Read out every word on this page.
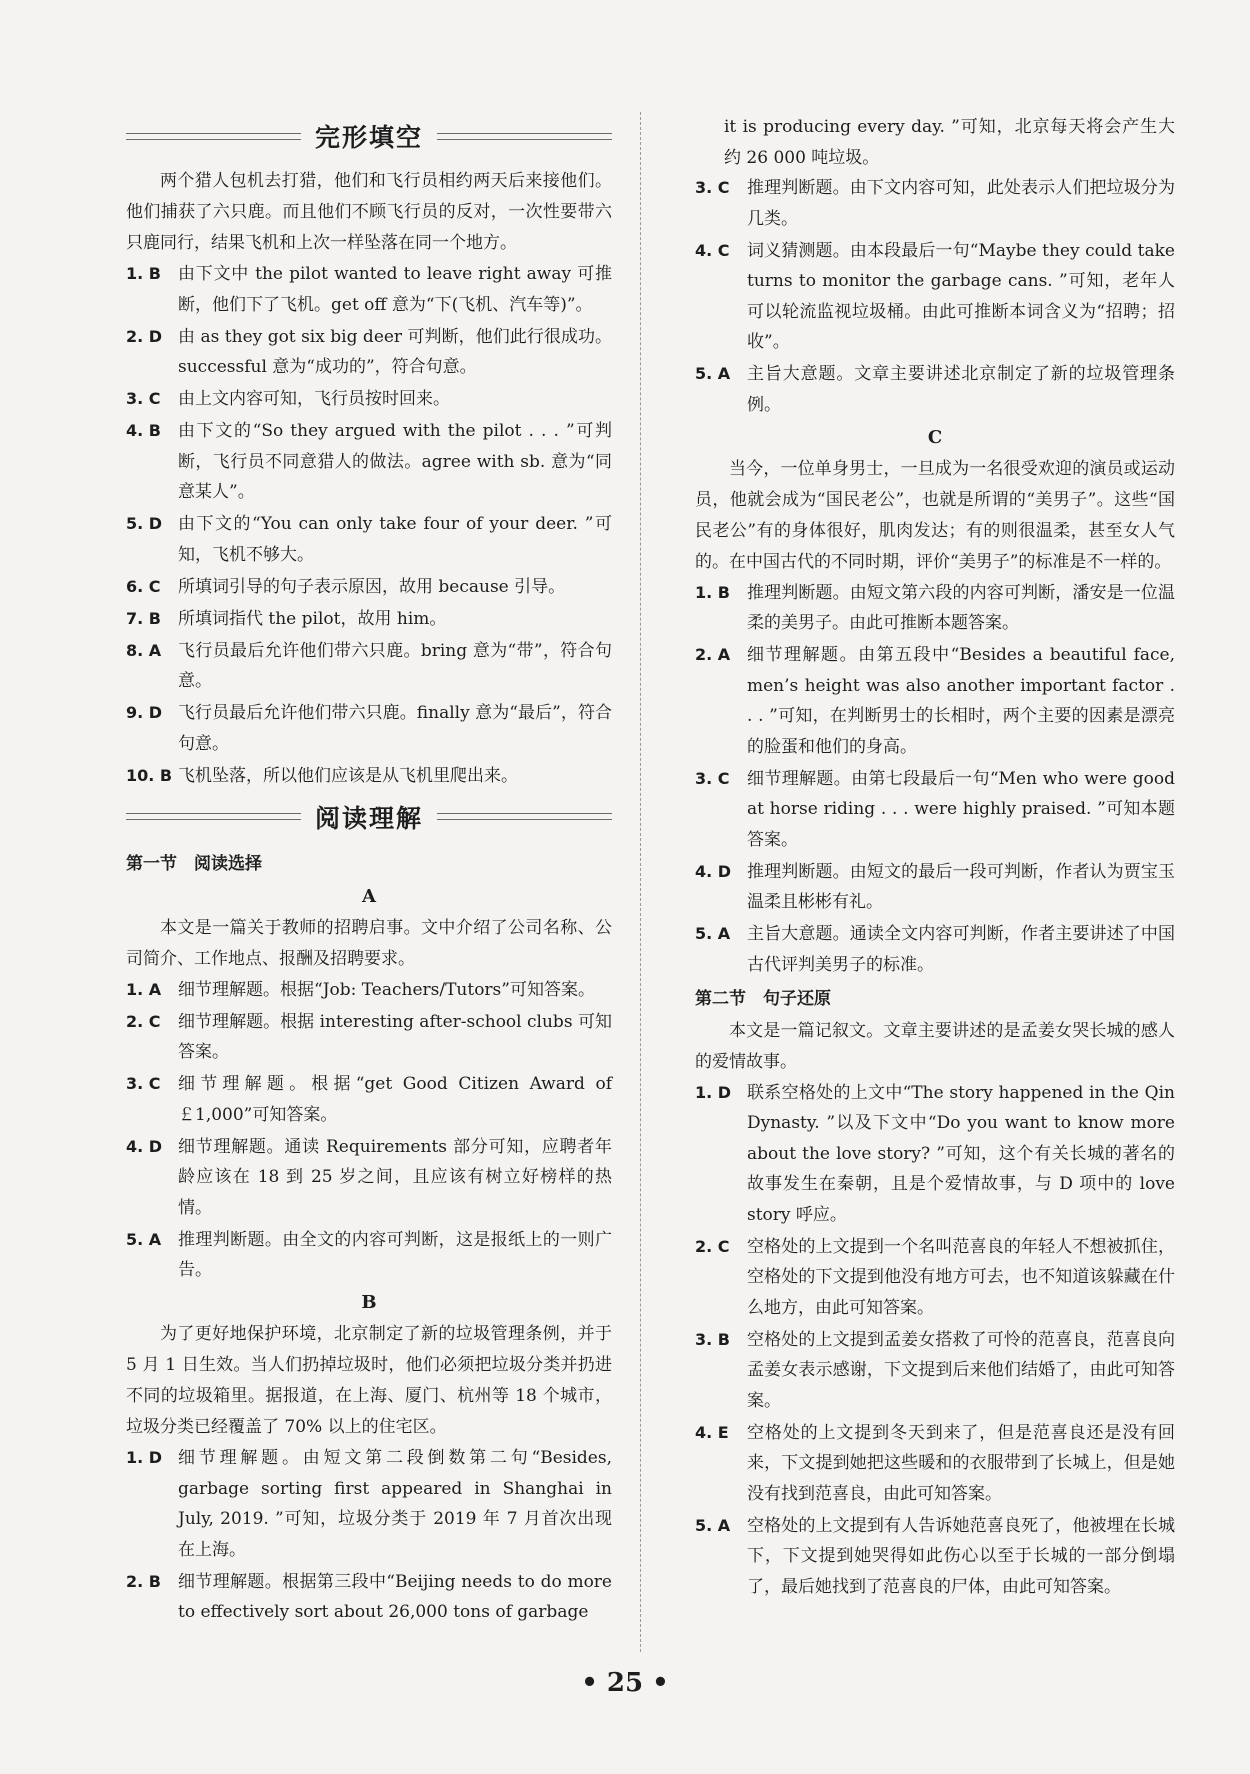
完形填空

两个猎人包机去打猎，他们和飞行员相约两天后来接他们。他们捕获了六只鹿。而且他们不顾飞行员的反对，一次性要带六只鹿同行，结果飞机和上次一样坠落在同一个地方。

1. B	由下文中 the pilot wanted to leave right away 可推断，他们下了飞机。get off 意为“下(飞机、汽车等)”。
2. D 由 as they got six big deer 可判断，他们此行很成功。successful 意为“成功的”，符合句意。
3. C	由上文内容可知，飞行员按时回来。
4. B	由下文的“So they argued with the pilot . . . ”可判断，飞行员不同意猎人的做法。agree with sb. 意为“同意某人”。
5. D 由下文的“You can only take four of your deer. ”可知，飞机不够大。
6. C	所填词引导的句子表示原因，故用 because 引导。
7. B	所填词指代 the pilot，故用 him。
8. A 飞行员最后允许他们带六只鹿。bring 意为“带”，符合句意。
9. D 飞行员最后允许他们带六只鹿。finally 意为“最后”，符合句意。
10. B 飞机坠落，所以他们应该是从飞机里爬出来。
阅读理解
第一节　阅读选择
A

本文是一篇关于教师的招聘启事。文中介绍了公司名称、公司简介、工作地点、报酬及招聘要求。

1. A 细节理解题。根据“Job: Teachers/Tutors”可知答案。
2. C	细节理解题。根据 interesting after-school clubs 可知答案。
3. C	细节理解题。根据“get Good Citizen Award of ￡1,000”可知答案。
4. D 细节理解题。通读 Requirements 部分可知，应聘者年龄应该在 18 到 25 岁之间，且应该有树立好榜样的热情。
5. A 推理判断题。由全文的内容可判断，这是报纸上的一则广告。
B

为了更好地保护环境，北京制定了新的垃圾管理条例，并于 5 月 1 日生效。当人们扔掉垃圾时，他们必须把垃圾分类并扔进不同的垃圾箱里。据报道，在上海、厦门、杭州等 18 个城市，垃圾分类已经覆盖了 70% 以上的住宅区。

1. D 细节理解题。由短文第二段倒数第二句“Besides, garbage sorting first appeared in Shanghai in July, 2019. ”可知，垃圾分类于 2019 年 7 月首次出现在上海。
2. B	细节理解题。根据第三段中“Beijing needs to do more to effectively sort about 26,000 tons of garbage
it is producing every day. ”可知，北京每天将会产生大约 26 000 吨垃圾。
3. C	推理判断题。由下文内容可知，此处表示人们把垃圾分为几类。
4. C	词义猜测题。由本段最后一句“Maybe they could take turns to monitor the garbage cans. ”可知，老年人可以轮流监视垃圾桶。由此可推断本词含义为“招聘；招收”。
5. A 主旨大意题。文章主要讲述北京制定了新的垃圾管理条例。
C

当今，一位单身男士，一旦成为一名很受欢迎的演员或运动员，他就会成为“国民老公”，也就是所谓的“美男子”。这些“国民老公”有的身体很好，肌肉发达；有的则很温柔，甚至女人气的。在中国古代的不同时期，评价“美男子”的标准是不一样的。

1. B	推理判断题。由短文第六段的内容可判断，潘安是一位温柔的美男子。由此可推断本题答案。
2. A 细节理解题。由第五段中“Besides a beautiful face, men’s height was also another important factor . . . ”可知，在判断男士的长相时，两个主要的因素是漂亮的脸蛋和他们的身高。
3. C	细节理解题。由第七段最后一句“Men who were good at horse riding . . . were highly praised. ”可知本题答案。
4. D 推理判断题。由短文的最后一段可判断，作者认为贾宝玉温柔且彬彬有礼。
5. A 主旨大意题。通读全文内容可判断，作者主要讲述了中国古代评判美男子的标准。
第二节　句子还原

本文是一篇记叙文。文章主要讲述的是孟姜女哭长城的感人的爱情故事。

1. D 联系空格处的上文中“The story happened in the Qin Dynasty. ”以及下文中“Do you want to know more about the love story? ”可知，这个有关长城的著名的故事发生在秦朝，且是个爱情故事，与 D 项中的 love story 呼应。
2. C	空格处的上文提到一个名叫范喜良的年轻人不想被抓住，空格处的下文提到他没有地方可去，也不知道该躲藏在什么地方，由此可知答案。
3. B	空格处的上文提到孟姜女搭救了可怜的范喜良，范喜良向孟姜女表示感谢，下文提到后来他们结婚了，由此可知答案。
4. E	空格处的上文提到冬天到来了，但是范喜良还是没有回来，下文提到她把这些暖和的衣服带到了长城上，但是她没有找到范喜良，由此可知答案。
5. A 空格处的上文提到有人告诉她范喜良死了，他被埋在长城下，下文提到她哭得如此伤心以至于长城的一部分倒塌了，最后她找到了范喜良的尸体，由此可知答案。
• 25 •
